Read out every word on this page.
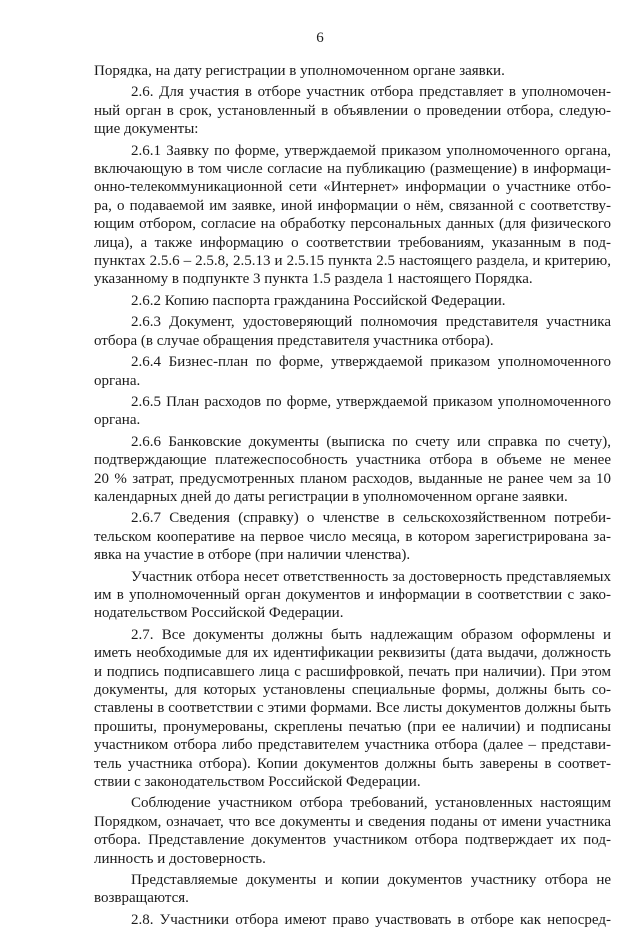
6
Порядка, на дату регистрации в уполномоченном органе заявки.
2.6. Для участия в отборе участник отбора представляет в уполномочен-
ный орган в срок, установленный в объявлении о проведении отбора, следую-
щие документы:
2.6.1 Заявку по форме, утверждаемой приказом уполномоченного органа,
включающую в том числе согласие на публикацию (размещение) в информаци-
онно-телекоммуникационной сети «Интернет» информации о участнике отбо-
ра, о подаваемой им заявке, иной информации о нём, связанной с соответству-
ющим отбором, согласие на обработку персональных данных (для физического
лица), а также информацию о соответствии требованиям, указанным в под-
пунктах 2.5.6 – 2.5.8, 2.5.13 и 2.5.15 пункта 2.5 настоящего раздела, и критерию,
указанному в подпункте 3 пункта 1.5 раздела 1 настоящего Порядка.
2.6.2 Копию паспорта гражданина Российской Федерации.
2.6.3 Документ, удостоверяющий полномочия представителя участника
отбора (в случае обращения представителя участника отбора).
2.6.4 Бизнес-план по форме, утверждаемой приказом уполномоченного
органа.
2.6.5 План расходов по форме, утверждаемой приказом уполномоченного
органа.
2.6.6 Банковские документы (выписка по счету или справка по счету),
подтверждающие платежеспособность участника отбора в объеме не менее
20 % затрат, предусмотренных планом расходов, выданные не ранее чем за 10
календарных дней до даты регистрации в уполномоченном органе заявки.
2.6.7 Сведения (справку) о членстве в сельскохозяйственном потреби-
тельском кооперативе на первое число месяца, в котором зарегистрирована за-
явка на участие в отборе (при наличии членства).
Участник отбора несет ответственность за достоверность представляемых
им в уполномоченный орган документов и информации в соответствии с зако-
нодательством Российской Федерации.
2.7. Все документы должны быть надлежащим образом оформлены и
иметь необходимые для их идентификации реквизиты (дата выдачи, должность
и подпись подписавшего лица с расшифровкой, печать при наличии). При этом
документы, для которых установлены специальные формы, должны быть со-
ставлены в соответствии с этими формами. Все листы документов должны быть
прошиты, пронумерованы, скреплены печатью (при ее наличии) и подписаны
участником отбора либо представителем участника отбора (далее – представи-
тель участника отбора). Копии документов должны быть заверены в соответ-
ствии с законодательством Российской Федерации.
Соблюдение участником отбора требований, установленных настоящим
Порядком, означает, что все документы и сведения поданы от имени участника
отбора. Представление документов участником отбора подтверждает их под-
линность и достоверность.
Представляемые документы и копии документов участнику отбора не
возвращаются.
2.8. Участники отбора имеют право участвовать в отборе как непосред-
